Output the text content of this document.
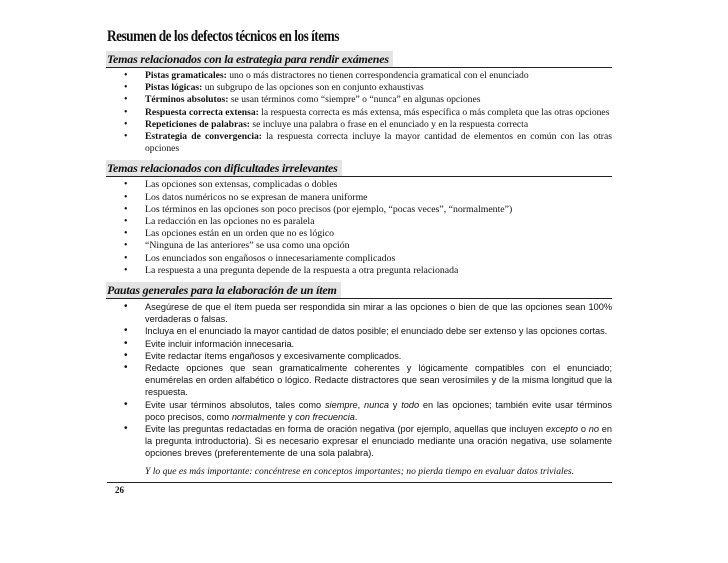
Resumen de los defectos técnicos en los ítems
Temas relacionados con la estrategia para rendir exámenes
• Pistas gramaticales: uno o más distractores no tienen correspondencia gramatical con el enunciado
• Pistas lógicas: un subgrupo de las opciones son en conjunto exhaustivas
• Términos absolutos: se usan términos como “siempre” o “nunca” en algunas opciones
• Respuesta correcta extensa: la respuesta correcta es más extensa, más específica o más completa que las otras opciones
• Repeticiones de palabras: se incluye una palabra o frase en el enunciado y en la respuesta correcta
• Estrategia de convergencia: la respuesta correcta incluye la mayor cantidad de elementos en común con las otras opciones
Temas relacionados con dificultades irrelevantes
• Las opciones son extensas, complicadas o dobles
• Los datos numéricos no se expresan de manera uniforme
• Los términos en las opciones son poco precisos (por ejemplo, “pocas veces”, “normalmente”)
• La redacción en las opciones no es paralela
• Las opciones están en un orden que no es lógico
• “Ninguna de las anteriores” se usa como una opción
• Los enunciados son engañosos o innecesariamente complicados
• La respuesta a una pregunta depende de la respuesta a otra pregunta relacionada
Pautas generales para la elaboración de un ítem
• Asegúrese de que el ítem pueda ser respondida sin mirar a las opciones o bien de que las opciones sean 100% verdaderas o falsas.
• Incluya en el enunciado la mayor cantidad de datos posible; el enunciado debe ser extenso y las opciones cortas.
• Evite incluir información innecesaria.
• Evite redactar ítems engañosos y excesivamente complicados.
• Redacte opciones que sean gramaticalmente coherentes y lógicamente compatibles con el enunciado; enumérelas en orden alfabético o lógico. Redacte distractores que sean verosímiles y de la misma longitud que la respuesta.
• Evite usar términos absolutos, tales como siempre, nunca y todo en las opciones; también evite usar términos poco precisos, como normalmente y con frecuencia.
• Evite las preguntas redactadas en forma de oración negativa (por ejemplo, aquellas que incluyen excepto o no en la pregunta introductoria). Si es necesario expresar el enunciado mediante una oración negativa, use solamente opciones breves (preferentemente de una sola palabra).
Y lo que es más importante: concéntrese en conceptos importantes; no pierda tiempo en evaluar datos triviales.
26
